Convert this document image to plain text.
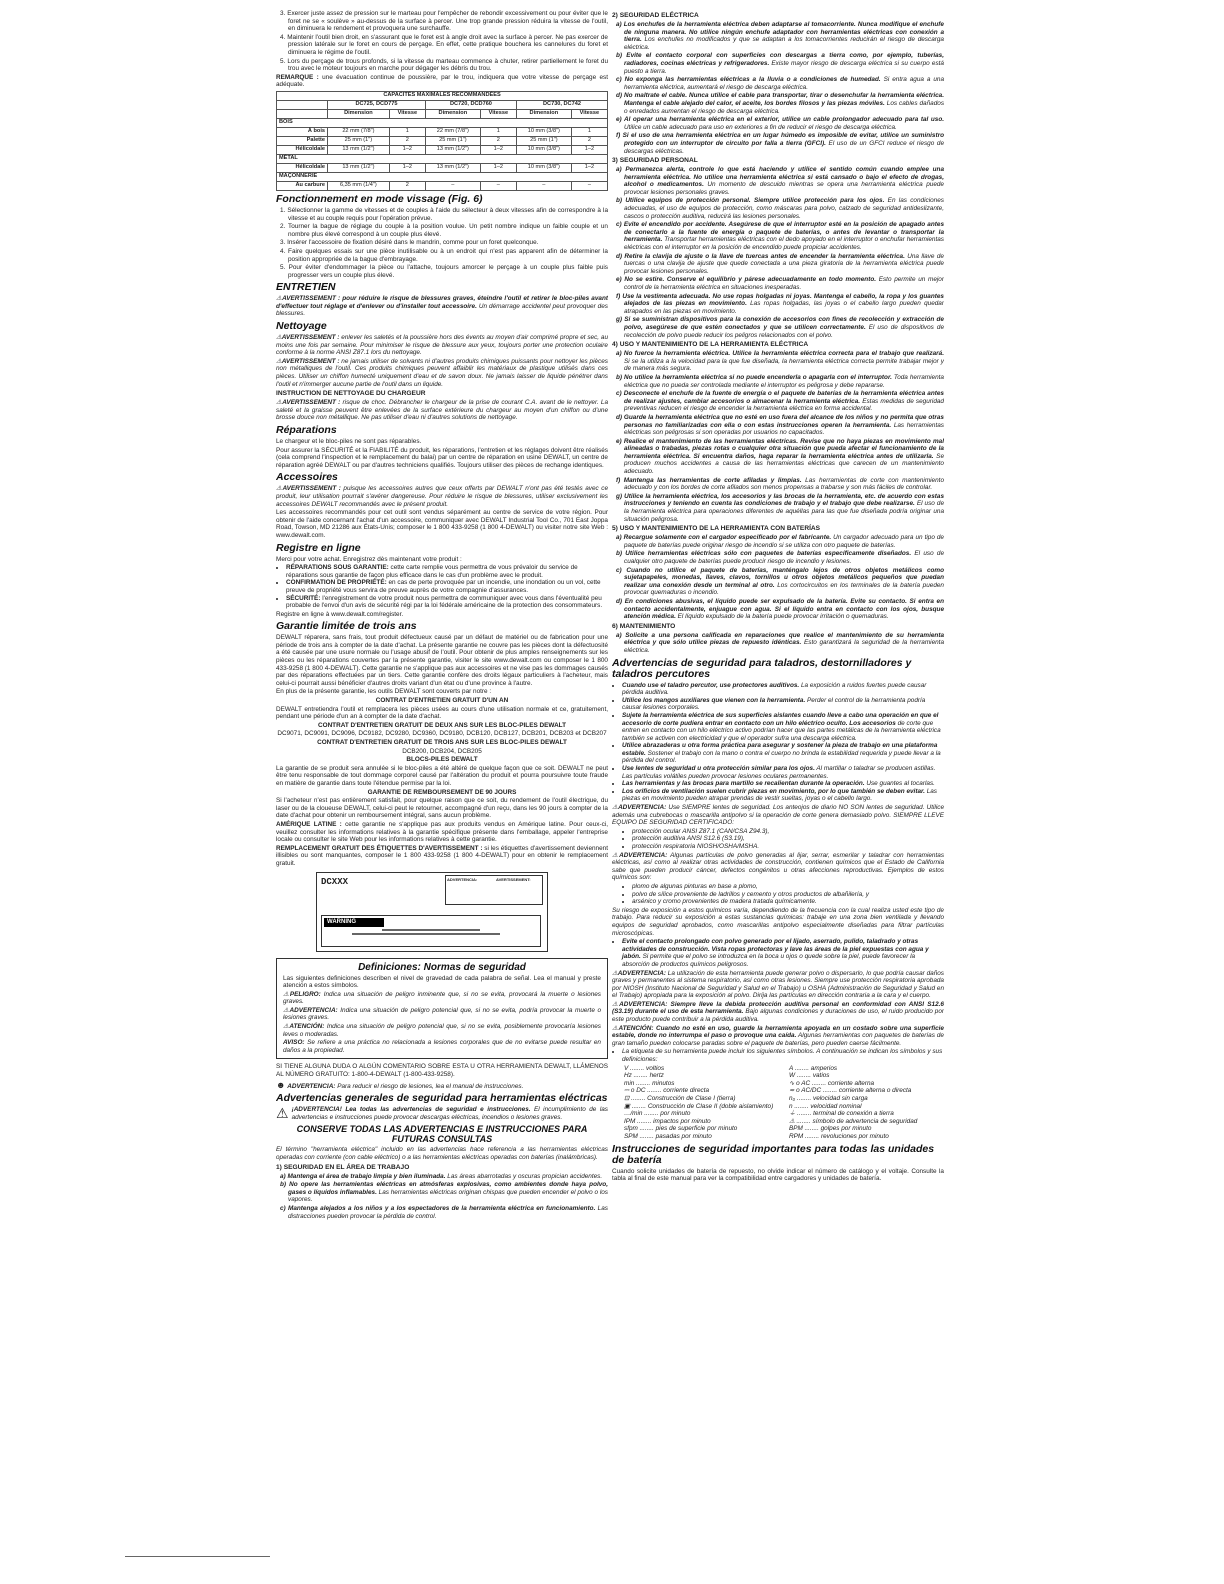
3. Exercer juste assez de pression sur le marteau pour l'empêcher de rebondir excessivement ou pour éviter que le foret ne se « soulève » au-dessus de la surface à percer. Une trop grande pression réduira la vitesse de l'outil, en diminuera le rendement et provoquera une surchauffe.

4. Maintenir l'outil bien droit, en s'assurant que le foret est à angle droit avec la surface à percer. Ne pas exercer de pression latérale sur le foret en cours de perçage. En effet, cette pratique bouchera les cannelures du foret et diminuera le régime de l'outil.

5. Lors du perçage de trous profonds, si la vitesse du marteau commence à chuter, retirer partiellement le foret du trou avec le moteur toujours en marche pour dégager les débris du trou.

REMARQUE : une évacuation continue de poussière, par le trou, indiquera que votre vitesse de perçage est adéquate.

CAPACITÉS MAXIMALES RECOMMANDÉES						
	DC725, DCD775		DC720, DCD760		DC730, DC742	
	Dimension	Vitesse	Dimension	Vitesse	Dimension	Vitesse
BOIS						
À bois	22 mm (7/8")	1	22 mm (7/8")	1	10 mm (3/8")	1
Palette	25 mm (1")	2	25 mm (1")	2	25 mm (1")	2
Hélicoïdale	13 mm (1/2")	1–2	13 mm (1/2")	1–2	10 mm (3/8")	1–2
MÉTAL						
Hélicoïdale	13 mm (1/2")	1–2	13 mm (1/2")	1–2	10 mm (3/8")	1–2
MAÇONNERIE						
Au carbure	6,35 mm (1/4")	2	–	–	–	–
Fonctionnement en mode vissage (Fig. 6)

1. Sélectionner la gamme de vitesses et de couples à l'aide du sélecteur à deux vitesses afin de correspondre à la vitesse et au couple requis pour l'opération prévue.

2. Tourner la bague de réglage du couple à la position voulue. Un petit nombre indique un faible couple et un nombre plus élevé correspond à un couple plus élevé.

3. Insérer l'accessoire de fixation désiré dans le mandrin, comme pour un foret quelconque.

4. Faire quelques essais sur une pièce inutilisable ou à un endroit qui n'est pas apparent afin de déterminer la position appropriée de la bague d'embrayage.

5. Pour éviter d'endommager la pièce ou l'attache, toujours amorcer le perçage à un couple plus faible puis progresser vers un couple plus élevé.

ENTRETIEN

⚠AVERTISSEMENT : pour réduire le risque de blessures graves, éteindre l'outil et retirer le bloc-piles avant d'effectuer tout réglage et d'enlever ou d'installer tout accessoire. Un démarrage accidentel peut provoquer des blessures.

Nettoyage

⚠AVERTISSEMENT : enlever les saletés et la poussière hors des évents au moyen d'air comprimé propre et sec, au moins une fois par semaine. Pour minimiser le risque de blessure aux yeux, toujours porter une protection oculaire conforme à la norme ANSI Z87.1 lors du nettoyage.

⚠AVERTISSEMENT : ne jamais utiliser de solvants ni d'autres produits chimiques puissants pour nettoyer les pièces non métalliques de l'outil. Ces produits chimiques peuvent affaiblir les matériaux de plastique utilisés dans ces pièces. Utiliser un chiffon humecté uniquement d'eau et de savon doux. Ne jamais laisser de liquide pénétrer dans l'outil et n'immerger aucune partie de l'outil dans un liquide.

INSTRUCTION DE NETTOYAGE DU CHARGEUR

⚠AVERTISSEMENT : risque de choc. Débrancher le chargeur de la prise de courant C.A. avant de le nettoyer. La saleté et la graisse peuvent être enlevées de la surface extérieure du chargeur au moyen d'un chiffon ou d'une brosse douce non métallique. Ne pas utiliser d'eau ni d'autres solutions de nettoyage.

Réparations

Le chargeur et le bloc-piles ne sont pas réparables.

Pour assurer la SÉCURITÉ et la FIABILITÉ du produit, les réparations, l'entretien et les réglages doivent être réalisés (cela comprend l'inspection et le remplacement du balai) par un centre de réparation en usine DEWALT, un centre de réparation agréé DEWALT ou par d'autres techniciens qualifiés. Toujours utiliser des pièces de rechange identiques.

Accessoires

⚠AVERTISSEMENT : puisque les accessoires autres que ceux offerts par DEWALT n'ont pas été testés avec ce produit, leur utilisation pourrait s'avérer dangereuse. Pour réduire le risque de blessures, utiliser exclusivement les accessoires DEWALT recommandés avec le présent produit.

Les accessoires recommandés pour cet outil sont vendus séparément au centre de service de votre région. Pour obtenir de l'aide concernant l'achat d'un accessoire, communiquer avec DEWALT Industrial Tool Co., 701 East Joppa Road, Towson, MD 21286 aux États-Unis; composer le 1 800 433-9258 (1 800 4-DEWALT) ou visiter notre site Web : www.dewalt.com.

Registre en ligne

Merci pour votre achat. Enregistrez dès maintenant votre produit :

• RÉPARATIONS SOUS GARANTIE: cette carte remplie vous permettra de vous prévaloir du service de réparations sous garantie de façon plus efficace dans le cas d'un problème avec le produit.
• CONFIRMATION DE PROPRIÉTÉ: en cas de perte provoquée par un incendie, une inondation ou un vol, cette preuve de propriété vous servira de preuve auprès de votre compagnie d'assurances.
• SÉCURITÉ: l'enregistrement de votre produit nous permettra de communiquer avec vous dans l'éventualité peu probable de l'envoi d'un avis de sécurité régi par la loi fédérale américaine de la protection des consommateurs.

Registre en ligne à www.dewalt.com/register.

Garantie limitée de trois ans

DEWALT réparera, sans frais, tout produit défectueux causé par un défaut de matériel ou de fabrication pour une période de trois ans à compter de la date d'achat. La présente garantie ne couvre pas les pièces dont la défectuosité a été causée par une usure normale ou l'usage abusif de l'outil. Pour obtenir de plus amples renseignements sur les pièces ou les réparations couvertes par la présente garantie, visiter le site www.dewalt.com ou composer le 1 800 433-9258 (1 800 4-DEWALT). Cette garantie ne s'applique pas aux accessoires et ne vise pas les dommages causés par des réparations effectuées par un tiers. Cette garantie confère des droits légaux particuliers à l'acheteur, mais celui-ci pourrait aussi bénéficier d'autres droits variant d'un état ou d'une province à l'autre.

En plus de la présente garantie, les outils DEWALT sont couverts par notre :

CONTRAT D'ENTRETIEN GRATUIT D'UN AN

DEWALT entretiendra l'outil et remplacera les pièces usées au cours d'une utilisation normale et ce, gratuitement, pendant une période d'un an à compter de la date d'achat.

CONTRAT D'ENTRETIEN GRATUIT DE DEUX ANS SUR LES BLOC-PILES DEWALT

DC9071, DC9091, DC9096, DC9182, DC9280, DC9360, DC9180, DCB120, DCB127, DCB201, DCB203 et DCB207

CONTRAT D'ENTRETIEN GRATUIT DE TROIS ANS SUR LES BLOC-PILES DEWALT

DCB200, DCB204, DCB205

BLOCS-PILES DEWALT

La garantie de se produit sera annulée si le bloc-piles a été altéré de quelque façon que ce soit. DEWALT ne peut être tenu responsable de tout dommage corporel causé par l'altération du produit et pourra poursuivre toute fraude en matière de garantie dans toute l'étendue permise par la loi.

GARANTIE DE REMBOURSEMENT DE 90 JOURS

Si l'acheteur n'est pas entièrement satisfait, pour quelque raison que ce soit, du rendement de l'outil électrique, du laser ou de la cloueuse DEWALT, celui-ci peut le retourner, accompagné d'un reçu, dans les 90 jours à compter de la date d'achat pour obtenir un remboursement intégral, sans aucun problème.

AMÉRIQUE LATINE : cette garantie ne s'applique pas aux produits vendus en Amérique latine. Pour ceux-ci, veuillez consulter les informations relatives à la garantie spécifique présente dans l'emballage, appeler l'entreprise locale ou consulter le site Web pour les informations relatives à cette garantie.

REMPLACEMENT GRATUIT DES ÉTIQUETTES D'AVERTISSEMENT : si les étiquettes d'avertissement deviennent illisibles ou sont manquantes, composer le 1 800 433-9258 (1 800 4-DEWALT) pour en obtenir le remplacement gratuit.

DCXXX	ADVERTENCIA:	AVERTISSEMENT:
WARNING
Definiciones: Normas de seguridad

Las siguientes definiciones describen el nivel de gravedad de cada palabra de señal. Lea el manual y preste atención a estos símbolos.

⚠PELIGRO: Indica una situación de peligro inminente que, si no se evita, provocará la muerte o lesiones graves.

⚠ADVERTENCIA: Indica una situación de peligro potencial que, si no se evita, podría provocar la muerte o lesiones graves.

⚠ATENCIÓN: Indica una situación de peligro potencial que, si no se evita, posiblemente provocaría lesiones leves o moderadas.

AVISO: Se refiere a una práctica no relacionada a lesiones corporales que de no evitarse puede resultar en daños a la propiedad.

SI TIENE ALGUNA DUDA O ALGÚN COMENTARIO SOBRE ESTA U OTRA HERRAMIENTA DEWALT, LLÁMENOS AL NÚMERO GRATUITO: 1-800-4-DEWALT (1-800-433-9258).

☻ ADVERTENCIA: Para reducir el riesgo de lesiones, lea el manual de instrucciones.

Advertencias generales de seguridad para herramientas eléctricas

⚠ ¡ADVERTENCIA! Lea todas las advertencias de seguridad e instrucciones. El incumplimiento de las advertencias e instrucciones puede provocar descargas eléctricas, incendios o lesiones graves.

CONSERVE TODAS LAS ADVERTENCIAS E INSTRUCCIONES PARA FUTURAS CONSULTAS

El término "herramienta eléctrica" incluido en las advertencias hace referencia a las herramientas eléctricas operadas con corriente (con cable eléctrico) o a las herramientas eléctricas operadas con baterías (inalámbricas).

1) SEGURIDAD EN EL ÁREA DE TRABAJO

a) Mantenga el área de trabajo limpia y bien iluminada. Las áreas abarrotadas y oscuras propician accidentes.

b) No opere las herramientas eléctricas en atmósferas explosivas, como ambientes donde haya polvo, gases o líquidos inflamables. Las herramientas eléctricas originan chispas que pueden encender el polvo o los vapores.

c) Mantenga alejados a los niños y a los espectadores de la herramienta eléctrica en funcionamiento. Las distracciones pueden provocar la pérdida de control.

2) SEGURIDAD ELÉCTRICA

a) Los enchufes de la herramienta eléctrica deben adaptarse al tomacorriente. Nunca modifique el enchufe de ninguna manera. No utilice ningún enchufe adaptador con herramientas eléctricas con conexión a tierra. Los enchufes no modificados y que se adaptan a los tomacorrientes reducirán el riesgo de descarga eléctrica.

b) Evite el contacto corporal con superficies con descargas a tierra como, por ejemplo, tuberías, radiadores, cocinas eléctricas y refrigeradores. Existe mayor riesgo de descarga eléctrica si su cuerpo está puesto a tierra.

c) No exponga las herramientas eléctricas a la lluvia o a condiciones de humedad. Si entra agua a una herramienta eléctrica, aumentará el riesgo de descarga eléctrica.

d) No maltrate el cable. Nunca utilice el cable para transportar, tirar o desenchufar la herramienta eléctrica. Mantenga el cable alejado del calor, el aceite, los bordes filosos y las piezas móviles. Los cables dañados o enredados aumentan el riesgo de descarga eléctrica.

e) Al operar una herramienta eléctrica en el exterior, utilice un cable prolongador adecuado para tal uso. Utilice un cable adecuado para uso en exteriores a fin de reducir el riesgo de descarga eléctrica.

f) Si el uso de una herramienta eléctrica en un lugar húmedo es imposible de evitar, utilice un suministro protegido con un interruptor de circuito por falla a tierra (GFCI). El uso de un GFCI reduce el riesgo de descargas eléctricas.

3) SEGURIDAD PERSONAL

a) Permanezca alerta, controle lo que está haciendo y utilice el sentido común cuando emplee una herramienta eléctrica. No utilice una herramienta eléctrica si está cansado o bajo el efecto de drogas, alcohol o medicamentos. Un momento de descuido mientras se opera una herramienta eléctrica puede provocar lesiones personales graves.

b) Utilice equipos de protección personal. Siempre utilice protección para los ojos. En las condiciones adecuadas, el uso de equipos de protección, como máscaras para polvo, calzado de seguridad antideslizante, cascos o protección auditiva, reducirá las lesiones personales.

c) Evite el encendido por accidente. Asegúrese de que el interruptor esté en la posición de apagado antes de conectarlo a la fuente de energía o paquete de baterías, o antes de levantar o transportar la herramienta. Transportar herramientas eléctricas con el dedo apoyado en el interruptor o enchufar herramientas eléctricas con el interruptor en la posición de encendido puede propiciar accidentes.

d) Retire la clavija de ajuste o la llave de tuercas antes de encender la herramienta eléctrica. Una llave de tuercas o una clavija de ajuste que quede conectada a una pieza giratoria de la herramienta eléctrica puede provocar lesiones personales.

e) No se estire. Conserve el equilibrio y párese adecuadamente en todo momento. Esto permite un mejor control de la herramienta eléctrica en situaciones inesperadas.

f) Use la vestimenta adecuada. No use ropas holgadas ni joyas. Mantenga el cabello, la ropa y los guantes alejados de las piezas en movimiento. Las ropas holgadas, las joyas o el cabello largo pueden quedar atrapados en las piezas en movimiento.

g) Si se suministran dispositivos para la conexión de accesorios con fines de recolección y extracción de polvo, asegúrese de que estén conectados y que se utilicen correctamente. El uso de dispositivos de recolección de polvo puede reducir los peligros relacionados con el polvo.

4) USO Y MANTENIMIENTO DE LA HERRAMIENTA ELÉCTRICA

a) No fuerce la herramienta eléctrica. Utilice la herramienta eléctrica correcta para el trabajo que realizará. Si se la utiliza a la velocidad para la que fue diseñada, la herramienta eléctrica correcta permite trabajar mejor y de manera más segura.

b) No utilice la herramienta eléctrica si no puede encenderla o apagarla con el interruptor. Toda herramienta eléctrica que no pueda ser controlada mediante el interruptor es peligrosa y debe repararse.

c) Desconecte el enchufe de la fuente de energía o el paquete de baterías de la herramienta eléctrica antes de realizar ajustes, cambiar accesorios o almacenar la herramienta eléctrica. Estas medidas de seguridad preventivas reducen el riesgo de encender la herramienta eléctrica en forma accidental.

d) Guarde la herramienta eléctrica que no esté en uso fuera del alcance de los niños y no permita que otras personas no familiarizadas con ella o con estas instrucciones operen la herramienta. Las herramientas eléctricas son peligrosas si son operadas por usuarios no capacitados.

e) Realice el mantenimiento de las herramientas eléctricas. Revise que no haya piezas en movimiento mal alineadas o trabadas, piezas rotas o cualquier otra situación que pueda afectar el funcionamiento de la herramienta eléctrica. Si encuentra daños, haga reparar la herramienta eléctrica antes de utilizarla. Se producen muchos accidentes a causa de las herramientas eléctricas que carecen de un mantenimiento adecuado.

f) Mantenga las herramientas de corte afiladas y limpias. Las herramientas de corte con mantenimiento adecuado y con los bordes de corte afilados son menos propensas a trabarse y son más fáciles de controlar.

g) Utilice la herramienta eléctrica, los accesorios y las brocas de la herramienta, etc. de acuerdo con estas instrucciones y teniendo en cuenta las condiciones de trabajo y el trabajo que debe realizarse. El uso de la herramienta eléctrica para operaciones diferentes de aquéllas para las que fue diseñada podría originar una situación peligrosa.

5) USO Y MANTENIMIENTO DE LA HERRAMIENTA CON BATERÍAS

a) Recargue solamente con el cargador especificado por el fabricante. Un cargador adecuado para un tipo de paquete de baterías puede originar riesgo de incendio si se utiliza con otro paquete de baterías.

b) Utilice herramientas eléctricas sólo con paquetes de baterías específicamente diseñados. El uso de cualquier otro paquete de baterías puede producir riesgo de incendio y lesiones.

c) Cuando no utilice el paquete de baterías, manténgalo lejos de otros objetos metálicos como sujetapapeles, monedas, llaves, clavos, tornillos u otros objetos metálicos pequeños que puedan realizar una conexión desde un terminal al otro. Los cortocircuitos en los terminales de la batería pueden provocar quemaduras o incendio.

d) En condiciones abusivas, el líquido puede ser expulsado de la batería. Evite su contacto. Si entra en contacto accidentalmente, enjuague con agua. Si el líquido entra en contacto con los ojos, busque atención médica. El líquido expulsado de la batería puede provocar irritación o quemaduras.

6) MANTENIMIENTO

a) Solicite a una persona calificada en reparaciones que realice el mantenimiento de su herramienta eléctrica y que sólo utilice piezas de repuesto idénticas. Esto garantizará la seguridad de la herramienta eléctrica.

Advertencias de seguridad para taladros, destornilladores y taladros percutores
• Cuando use el taladro percutor, use protectores auditivos. La exposición a ruidos fuertes puede causar pérdida auditiva.
• Utilice los mangos auxiliares que vienen con la herramienta. Perder el control de la herramienta podría causar lesiones corporales.
• Sujete la herramienta eléctrica de sus superficies aislantes cuando lleve a cabo una operación en que el accesorio de corte pudiera entrar en contacto con un hilo eléctrico oculto. Los accesorios de corte que entren en contacto con un hilo eléctrico activo podrían hacer que las partes metálicas de la herramienta eléctrica también se activen con electricidad y que el operador sufra una descarga eléctrica.
• Utilice abrazaderas u otra forma práctica para asegurar y sostener la pieza de trabajo en una plataforma estable. Sostener el trabajo con la mano o contra el cuerpo no brinda la estabilidad requerida y puede llevar a la pérdida del control.
• Use lentes de seguridad u otra protección similar para los ojos. Al martillar o taladrar se producen astillas. Las partículas volátiles pueden provocar lesiones oculares permanentes.
• Las herramientas y las brocas para martillo se recalientan durante la operación. Use guantes al tocarlas.
• Los orificios de ventilación suelen cubrir piezas en movimiento, por lo que también se deben evitar. Las piezas en movimiento pueden atrapar prendas de vestir sueltas, joyas o el cabello largo.

⚠ADVERTENCIA: Use SIEMPRE lentes de seguridad. Los anteojos de diario NO SON lentes de seguridad. Utilice además una cubrebocas o mascarilla antipolvo si la operación de corte genera demasiado polvo. SIEMPRE LLEVE EQUIPO DE SEGURIDAD CERTIFICADO:

• protección ocular ANSI Z87.1 (CAN/CSA Z94.3),
• protección auditiva ANSI S12.6 (S3.19),
• protección respiratoria NIOSH/OSHA/MSHA.

⚠ADVERTENCIA: Algunas partículas de polvo generadas al lijar, serrar, esmerilar y taladrar con herramientas eléctricas, así como al realizar otras actividades de construcción, contienen químicos que el Estado de California sabe que pueden producir cáncer, defectos congénitos u otras afecciones reproductivas. Ejemplos de estos químicos son:

• plomo de algunas pinturas en base a plomo,
• polvo de sílice proveniente de ladrillos y cemento y otros productos de albañilería, y
• arsénico y cromo provenientes de madera tratada químicamente.

Su riesgo de exposición a estos químicos varía, dependiendo de la frecuencia con la cual realiza usted este tipo de trabajo. Para reducir su exposición a estas sustancias químicas: trabaje en una zona bien ventilada y llevando equipos de seguridad aprobados, como mascarillas antipolvo especialmente diseñadas para filtrar partículas microscópicas.

• Evite el contacto prolongado con polvo generado por el lijado, aserrado, pulido, taladrado y otras actividades de construcción. Vista ropas protectoras y lave las áreas de la piel expuestas con agua y jabón. Si permite que el polvo se introduzca en la boca u ojos o quede sobre la piel, puede favorecer la absorción de productos químicos peligrosos.

⚠ADVERTENCIA: La utilización de esta herramienta puede generar polvo o dispersarlo, lo que podría causar daños graves y permanentes al sistema respiratorio, así como otras lesiones. Siempre use protección respiratoria aprobada por NIOSH (Instituto Nacional de Seguridad y Salud en el Trabajo) u OSHA (Administración de Seguridad y Salud en el Trabajo) apropiada para la exposición al polvo. Dirija las partículas en dirección contraria a la cara y el cuerpo.

⚠ADVERTENCIA: Siempre lleve la debida protección auditiva personal en conformidad con ANSI S12.6 (S3.19) durante el uso de esta herramienta. Bajo algunas condiciones y duraciones de uso, el ruido producido por este producto puede contribuir a la pérdida auditiva.

⚠ATENCIÓN: Cuando no esté en uso, guarde la herramienta apoyada en un costado sobre una superficie estable, donde no interrumpa el paso o provoque una caída. Algunas herramientas con paquetes de baterías de gran tamaño pueden colocarse paradas sobre el paquete de baterías, pero pueden caerse fácilmente.

• La etiqueta de su herramienta puede incluir los siguientes símbolos. A continuación se indican los símbolos y sus definiciones:
V ........ voltios
Hz ........ hertz
min ........ minutos
⎓ o DC ........ corriente directa
⊡ ........ Construcción de Clase I (tierra)
▣ ........ Construcción de Clase II (doble aislamiento)
…/min ........ por minuto
IPM ........ impactos por minuto
sfpm ........ pies de superficie por minuto
SPM ........ pasadas por minuto
A ........ amperios
W ........ vatios
∿ o AC ........ corriente alterna
≂ o AC/DC ........ corriente alterna o directa
n₀ ........ velocidad sin carga
n ........ velocidad nominal
⏚ ........ terminal de conexión a tierra
⚠ ........ símbolo de advertencia de seguridad
BPM ........ golpes por minuto
RPM ........ revoluciones por minuto
Instrucciones de seguridad importantes para todas las unidades de batería

Cuando solicite unidades de batería de repuesto, no olvide indicar el número de catálogo y el voltaje. Consulte la tabla al final de este manual para ver la compatibilidad entre cargadores y unidades de batería.
